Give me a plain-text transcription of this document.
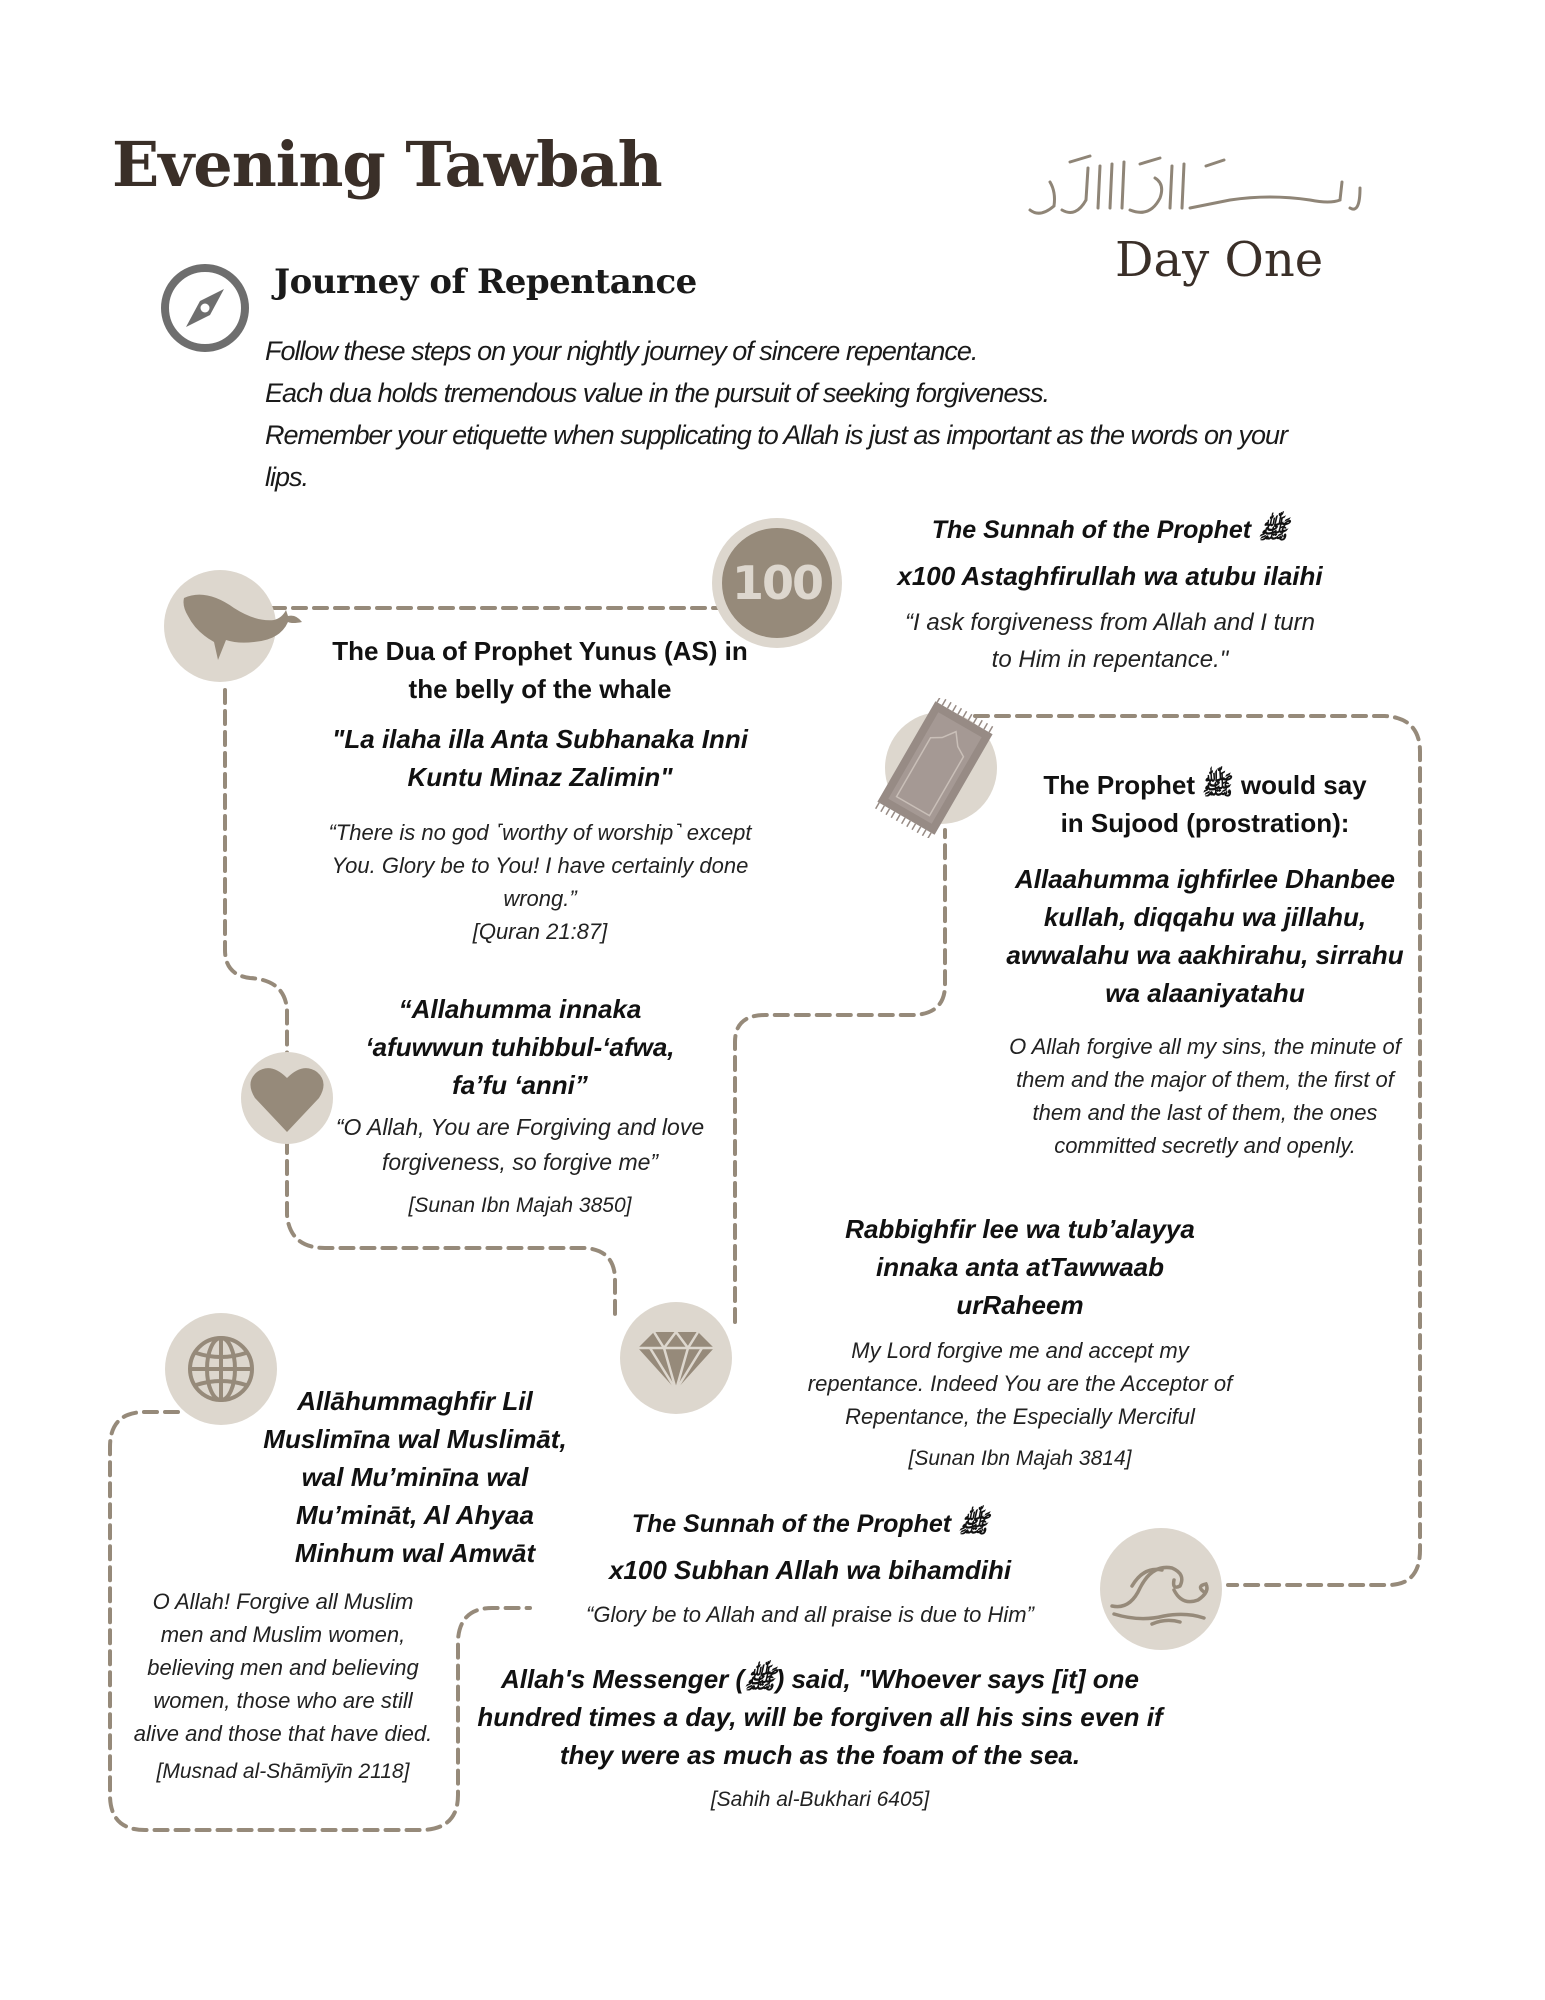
Evening Tawbah
Day One
Journey of Repentance
Follow these steps on your nightly journey of sincere repentance.
Each dua holds tremendous value in the pursuit of seeking forgiveness.
Remember your etiquette when supplicating to Allah is just as important as the words on your
lips.
100
The Sunnah of the Prophet ﷺ
x100 Astaghfirullah wa atubu ilaihi
“I ask forgiveness from Allah and I turn
to Him in repentance."
The Dua of Prophet Yunus (AS) in
the belly of the whale
"La ilaha illa Anta Subhanaka Inni
Kuntu Minaz Zalimin"
“There is no god ˹worthy of worship˺ except
You. Glory be to You! I have certainly done
wrong.”
[Quran 21:87]
The Prophet ﷺ would say
in Sujood (prostration):
Allaahumma ighfirlee Dhanbee
kullah, diqqahu wa jillahu,
awwalahu wa aakhirahu, sirrahu
wa alaaniyatahu
O Allah forgive all my sins, the minute of
them and the major of them, the first of
them and the last of them, the ones
committed secretly and openly.
“Allahumma innaka
‘afuwwun tuhibbul-‘afwa,
fa’fu ‘anni”
“O Allah, You are Forgiving and love
forgiveness, so forgive me”
[Sunan Ibn Majah 3850]
Rabbighfir lee wa tub’alayya
innaka anta atTawwaab
urRaheem
My Lord forgive me and accept my
repentance. Indeed You are the Acceptor of
Repentance, the Especially Merciful
[Sunan Ibn Majah 3814]
Allāhummaghfir Lil
Muslimīna wal Muslimāt,
wal Mu’minīna wal
Mu’mināt, Al Ahyaa
Minhum wal Amwāt
O Allah! Forgive all Muslim
men and Muslim women,
believing men and believing
women, those who are still
alive and those that have died.
[Musnad al-Shāmīyīn 2118]
The Sunnah of the Prophet ﷺ
x100 Subhan Allah wa bihamdihi
“Glory be to Allah and all praise is due to Him”
Allah's Messenger (ﷺ) said, "Whoever says [it] one
hundred times a day, will be forgiven all his sins even if
they were as much as the foam of the sea.
[Sahih al-Bukhari 6405]
